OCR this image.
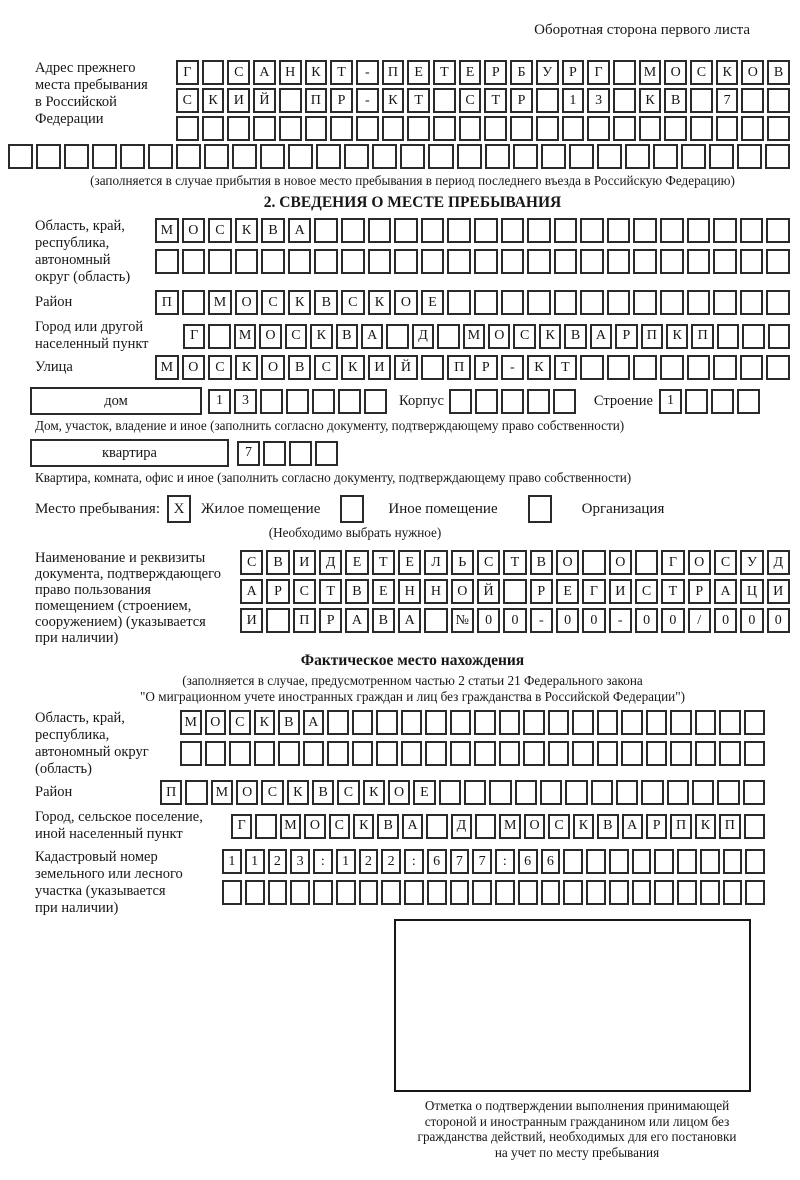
Оборотная сторона первого листа
Адрес прежнего
места пребывания
в Российской
Федерации
Г	С	А	Н	К	Т	-	П	Е	Т	Е	Р	Б	У	Р	Г	М	О	С	К	О	В
С	К	И	Й	П	Р	-	К	Т	С	Т	Р	1	3	К	В	7
(заполняется в случае прибытия в новое место пребывания в период последнего въезда в Российскую Федерацию)
2. СВЕДЕНИЯ О МЕСТЕ ПРЕБЫВАНИЯ
Область, край,
республика,
автономный
округ (область)
М	О	С	К	В	А
Район	П	М	О	С	К	В	С	К	О	Е
Город или другой
населенный пункт
Г	М	О	С	К	В	А	Д	М	О	С	К	В	А	Р	П	К	П
Улица	М	О	С	К	О	В	С	К	И	Й	П	Р	-	К	Т
дом	1	3	Корпус	Строение	1
Дом, участок, владение и иное (заполнить согласно документу, подтверждающему право собственности)
квартира	7
Квартира, комната, офис и иное (заполнить согласно документу, подтверждающему право собственности)
Место пребывания: X	Жилое помещение	Иное помещение	Организация
(Необходимо выбрать нужное)
Наименование и реквизиты
документа, подтверждающего
право пользования
помещением (строением,
сооружением) (указывается
при наличии)
С	В	И	Д	Е	Т	Е	Л	Ь	С	Т	В	О	О	Г	О	С	У	Д
А	Р	С	Т	В	Е	Н	Н	О	Й	Р	Е	Г	И	С	Т	Р	А	Ц	И
И	П	Р	А	В	А	№	0	0	-	0	0	-	0	0	/	0	0	0
Фактическое место нахождения
(заполняется в случае, предусмотренном частью 2 статьи 21 Федерального закона
"О миграционном учете иностранных граждан и лиц без гражданства в Российской Федерации")
Область, край,
республика,
автономный округ
(область)
М О	С	К	В	А
Район	П	М	О	С	К	В	С	К	О	Е
Город, сельское поселение,
иной населенный пункт
Г	М О	С	К	В	А	Д	М О	С	К	В	А	Р	П	К	П
Кадастровый номер
земельного или лесного
участка (указывается
при наличии)
1	1	2	3	:	1	2	2	:	6	7	7	:	6	6
Отметка о подтверждении выполнения принимающей
стороной и иностранным гражданином или лицом без
гражданства действий, необходимых для его постановки
на учет по месту пребывания
